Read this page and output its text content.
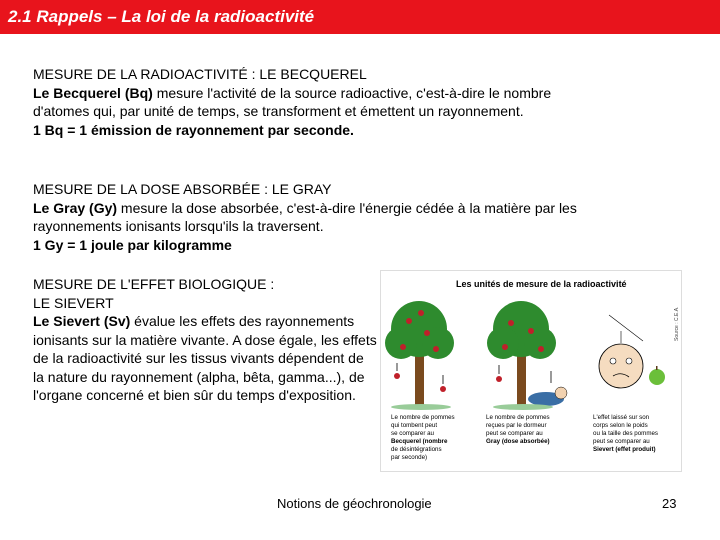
2.1 Rappels – La loi de la radioactivité

MESURE DE LA RADIOACTIVITÉ : LE BECQUEREL

Le Becquerel (Bq) mesure l'activité de la source radioactive, c'est-à-dire le nombre d'atomes qui, par unité de temps, se transforment et émettent un rayonnement.

1 Bq = 1 émission de rayonnement par seconde.

MESURE DE LA DOSE ABSORBÉE : LE GRAY

Le Gray (Gy) mesure la dose absorbée, c'est-à-dire l'énergie cédée à la matière par les rayonnements ionisants lorsqu'ils la traversent.

1 Gy = 1 joule par kilogramme

MESURE DE L'EFFET BIOLOGIQUE :

LE SIEVERT

Le Sievert (Sv) évalue les effets des rayonnements ionisants sur la matière vivante. A dose égale, les effets de la radioactivité sur les tissus vivants dépendent de la nature du rayonnement (alpha, bêta, gamma...), de l'organe concerné et bien sûr du temps d'exposition.

Les unités de mesure de la radioactivité
Source : C.E.A.
Le nombre de pommes
qui tombent peut
se comparer au
Becquerel (nombre
de désintégrations
par seconde)
Le nombre de pommes
reçues par le dormeur
peut se comparer au
Gray (dose absorbée)
L'effet laissé sur son
corps selon le poids
ou la taille des pommes
peut se comparer au
Sievert (effet produit)
Notions de géochronologie	23
